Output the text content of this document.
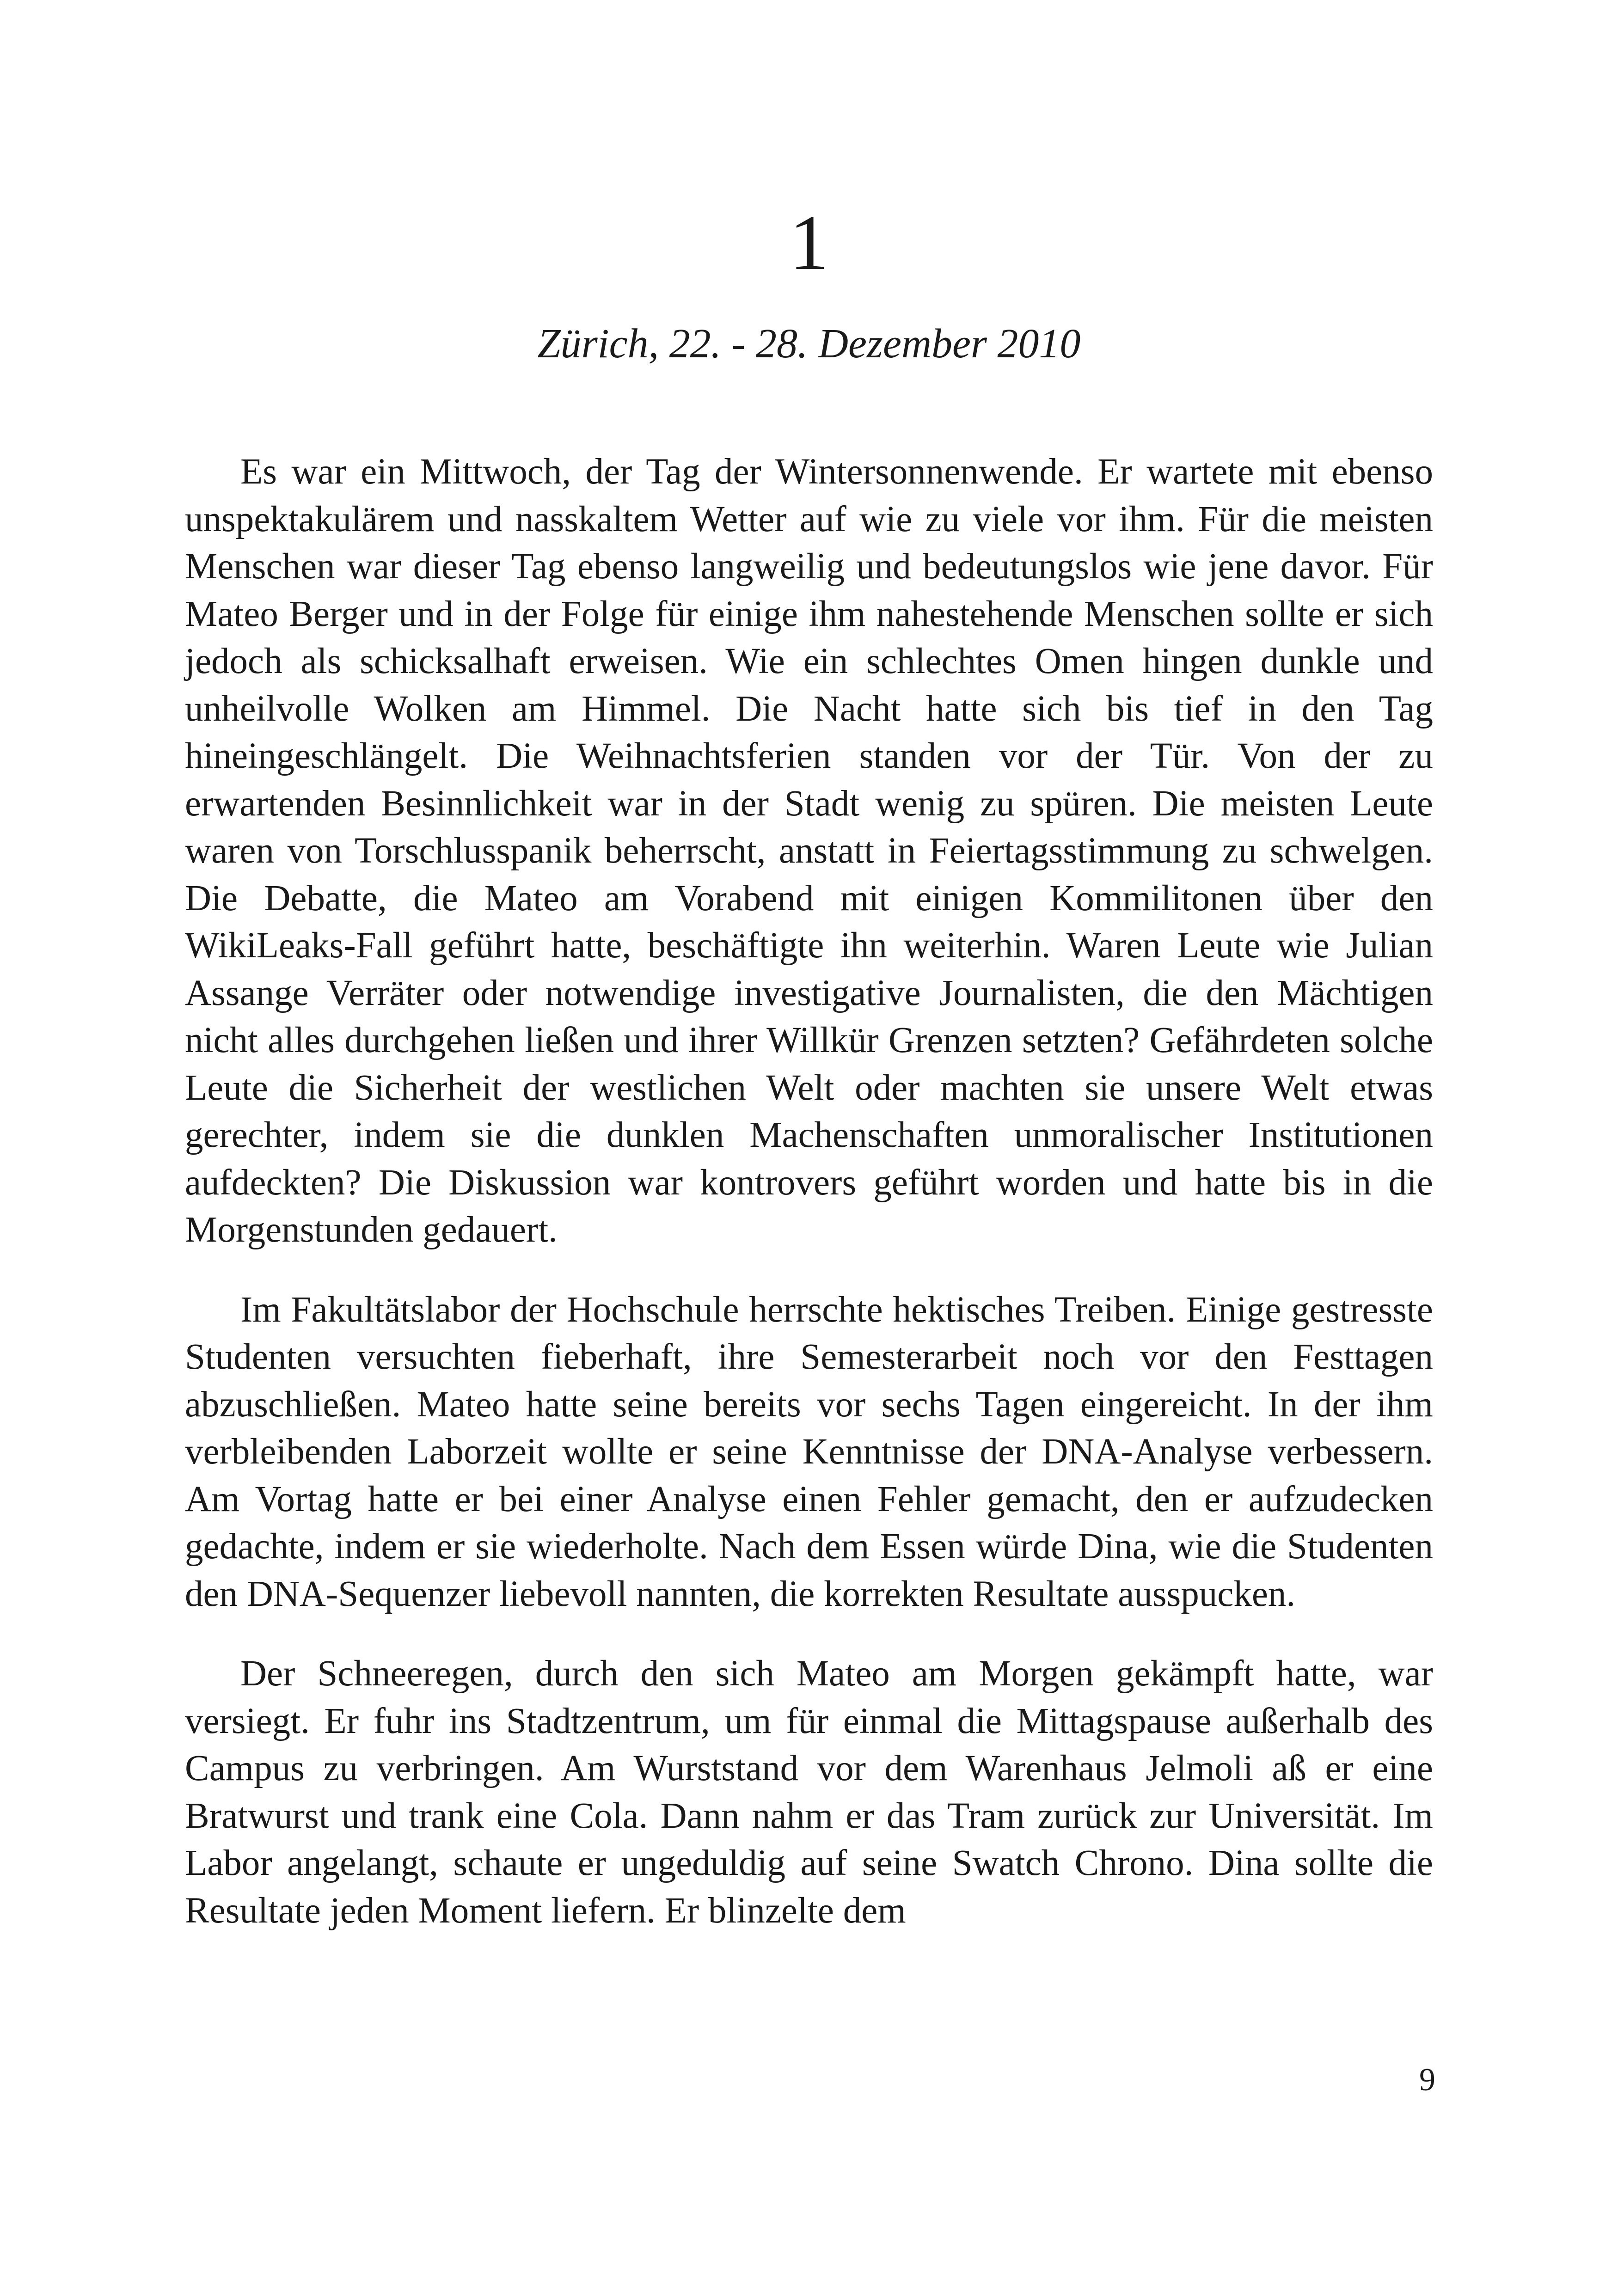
1
Zürich, 22. - 28. Dezember 2010

Es war ein Mittwoch, der Tag der Wintersonnenwende. Er wartete mit ebenso unspektakulärem und nasskaltem Wetter auf wie zu viele vor ihm. Für die meisten Menschen war dieser Tag ebenso langweilig und bedeutungslos wie jene davor. Für Mateo Berger und in der Folge für einige ihm nahestehende Menschen sollte er sich jedoch als schicksalhaft erweisen. Wie ein schlechtes Omen hingen dunkle und unheilvolle Wolken am Himmel. Die Nacht hatte sich bis tief in den Tag hineingeschlängelt. Die Weihnachtsferien standen vor der Tür. Von der zu erwartenden Besinnlichkeit war in der Stadt wenig zu spüren. Die meisten Leute waren von Torschlusspanik beherrscht, anstatt in Feiertagsstimmung zu schwelgen. Die Debatte, die Mateo am Vorabend mit einigen Kommilitonen über den WikiLeaks-Fall geführt hatte, beschäftigte ihn weiterhin. Waren Leute wie Julian Assange Verräter oder notwendige investigative Journalisten, die den Mächtigen nicht alles durchgehen ließen und ihrer Willkür Grenzen setzten? Gefährdeten solche Leute die Sicherheit der westlichen Welt oder machten sie unsere Welt etwas gerechter, indem sie die dunklen Machenschaften unmoralischer Institutionen aufdeckten? Die Diskussion war kontrovers geführt worden und hatte bis in die Morgenstunden gedauert.

Im Fakultätslabor der Hochschule herrschte hektisches Treiben. Einige gestresste Studenten versuchten fieberhaft, ihre Semesterarbeit noch vor den Festtagen abzuschließen. Mateo hatte seine bereits vor sechs Tagen eingereicht. In der ihm verbleibenden Laborzeit wollte er seine Kenntnisse der DNA-Analyse verbessern. Am Vortag hatte er bei einer Analyse einen Fehler gemacht, den er aufzudecken gedachte, indem er sie wiederholte. Nach dem Essen würde Dina, wie die Studenten den DNA-Sequenzer liebevoll nannten, die korrekten Resultate ausspucken.

Der Schneeregen, durch den sich Mateo am Morgen gekämpft hatte, war versiegt. Er fuhr ins Stadtzentrum, um für einmal die Mittagspause außerhalb des Campus zu verbringen. Am Wurststand vor dem Warenhaus Jelmoli aß er eine Bratwurst und trank eine Cola. Dann nahm er das Tram zurück zur Universität. Im Labor angelangt, schaute er ungeduldig auf seine Swatch Chrono. Dina sollte die Resultate jeden Moment liefern. Er blinzelte dem

9
